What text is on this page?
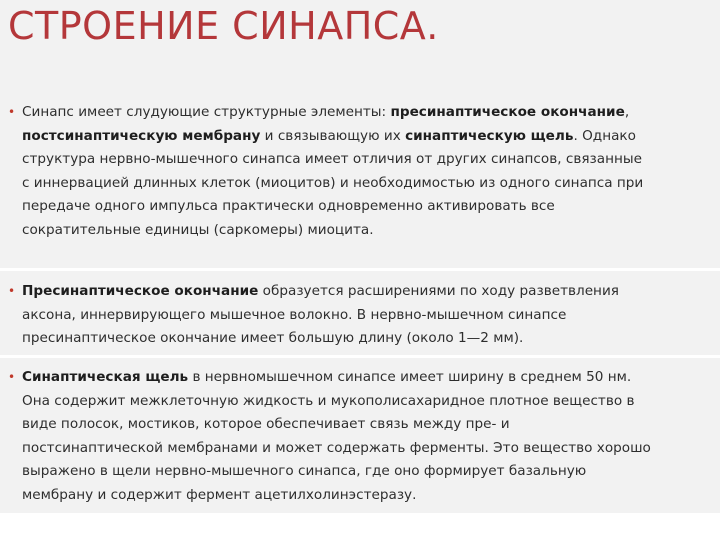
СТРОЕНИЕ СИНАПСА.
• Синапс имеет слудующие структурные элементы: пресинаптическое окончание,
постсинаптическую мембрану и связывающую их синаптическую щель. Однако
структура нервно-мышечного синапса имеет отличия от других синапсов, связанные
с иннервацией длинных клеток (миоцитов) и необходимостью из одного синапса при
передаче одного импульса практически одновременно активировать все
сократительные единицы (саркомеры) миоцита.
• Пресинаптическое окончание образуется расширениями по ходу разветвления
аксона, иннервирующего мышечное волокно. В нервно-мышечном синапсе
пресинаптическое окончание имеет большую длину (около 1—2 мм).
• Синаптическая щель в нервномышечном синапсе имеет ширину в среднем 50 нм.
Она содержит межклеточную жидкость и мукополисахаридное плотное вещество в
виде полосок, мостиков, которое обеспечивает связь между пре- и
постсинаптической мембранами и может содержать ферменты. Это вещество хорошо
выражено в щели нервно-мышечного синапса, где оно формирует базальную
мембрану и содержит фермент ацетилхолинэстеразу.
